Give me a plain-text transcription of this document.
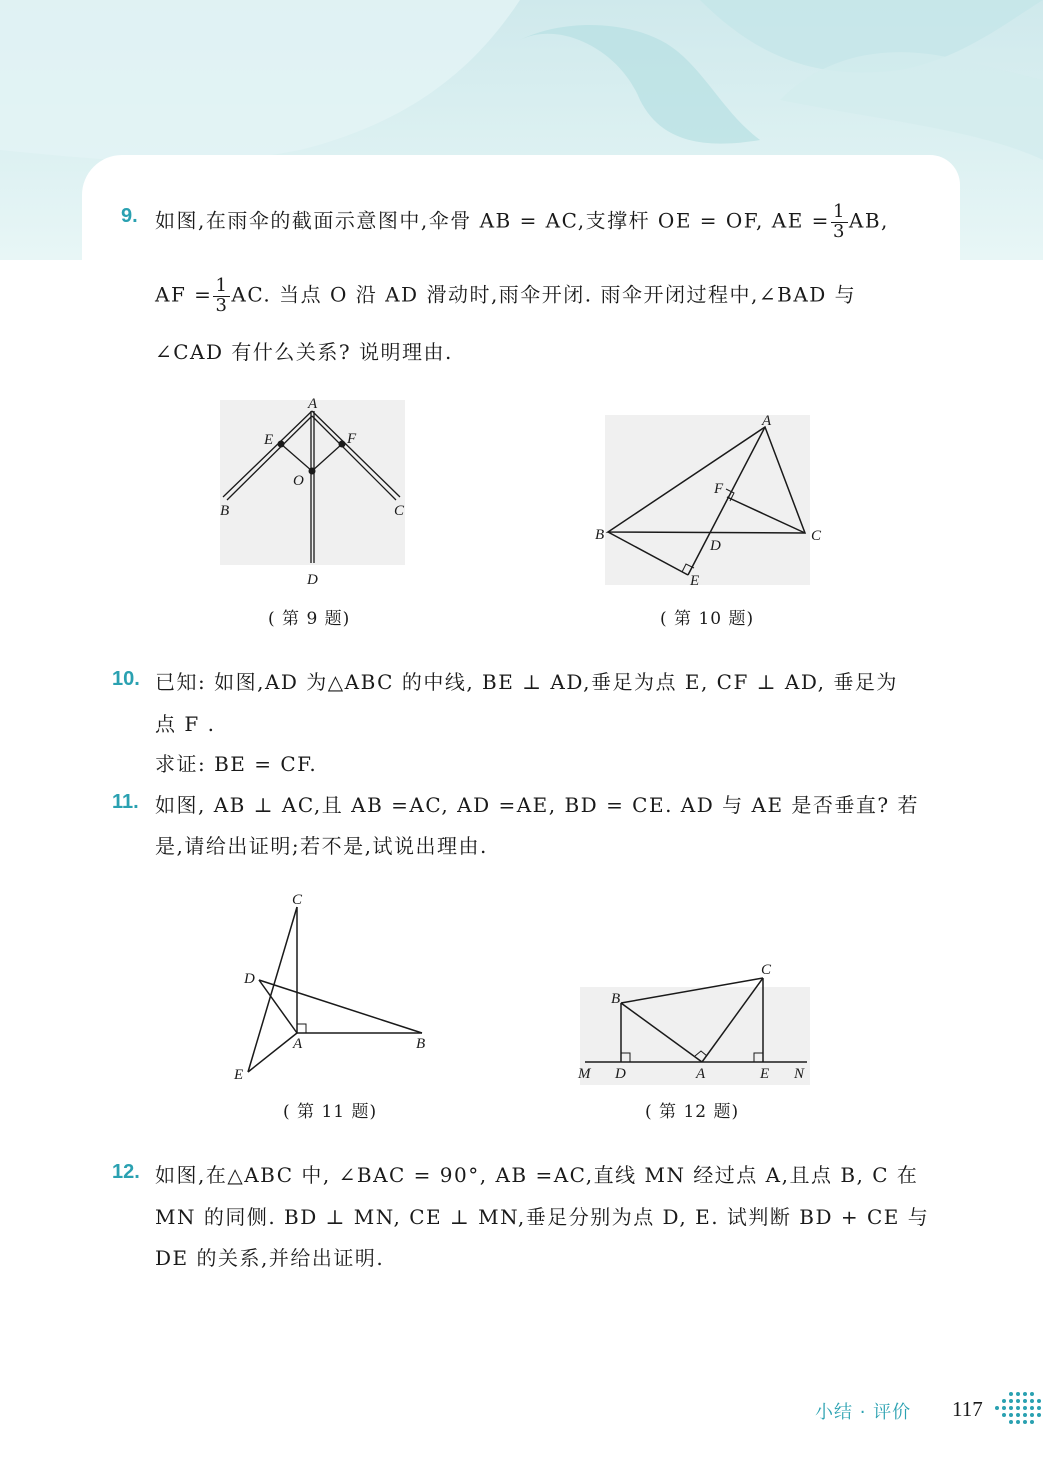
9. 如图,在雨伞的截面示意图中,伞骨 AB = AC,支撑杆 OE = OF, AE = $\frac{1}{3}$ AB,
AF = $\frac{1}{3}$ AC. 当点 O 沿 AD 滑动时,雨伞开闭. 雨伞开闭过程中,∠BAD 与
∠CAD 有什么关系? 说明理由.
A
E	F
O
B	C
D
( 第 9 题)
A
F
B
D
C
E
( 第 10 题)
10. 已知: 如图,AD 为△ABC 的中线, BE ⊥ AD,垂足为点 E, CF ⊥ AD, 垂足为
点 F .
求证: BE = CF.
11. 如图, AB ⊥ AC,且 AB =AC, AD =AE, BD = CE. AD 与 AE 是否垂直? 若
是,请给出证明;若不是,试说出理由.
C
D
A	B
E
( 第 11 题)
B
C
M D	A	E N
( 第 12 题)
12. 如图,在△ABC 中, ∠BAC = 90°, AB =AC,直线 MN 经过点 A,且点 B, C 在
MN 的同侧. BD ⊥ MN, CE ⊥ MN,垂足分别为点 D, E. 试判断 BD + CE 与
DE 的关系,并给出证明.
小结 · 评价 117
